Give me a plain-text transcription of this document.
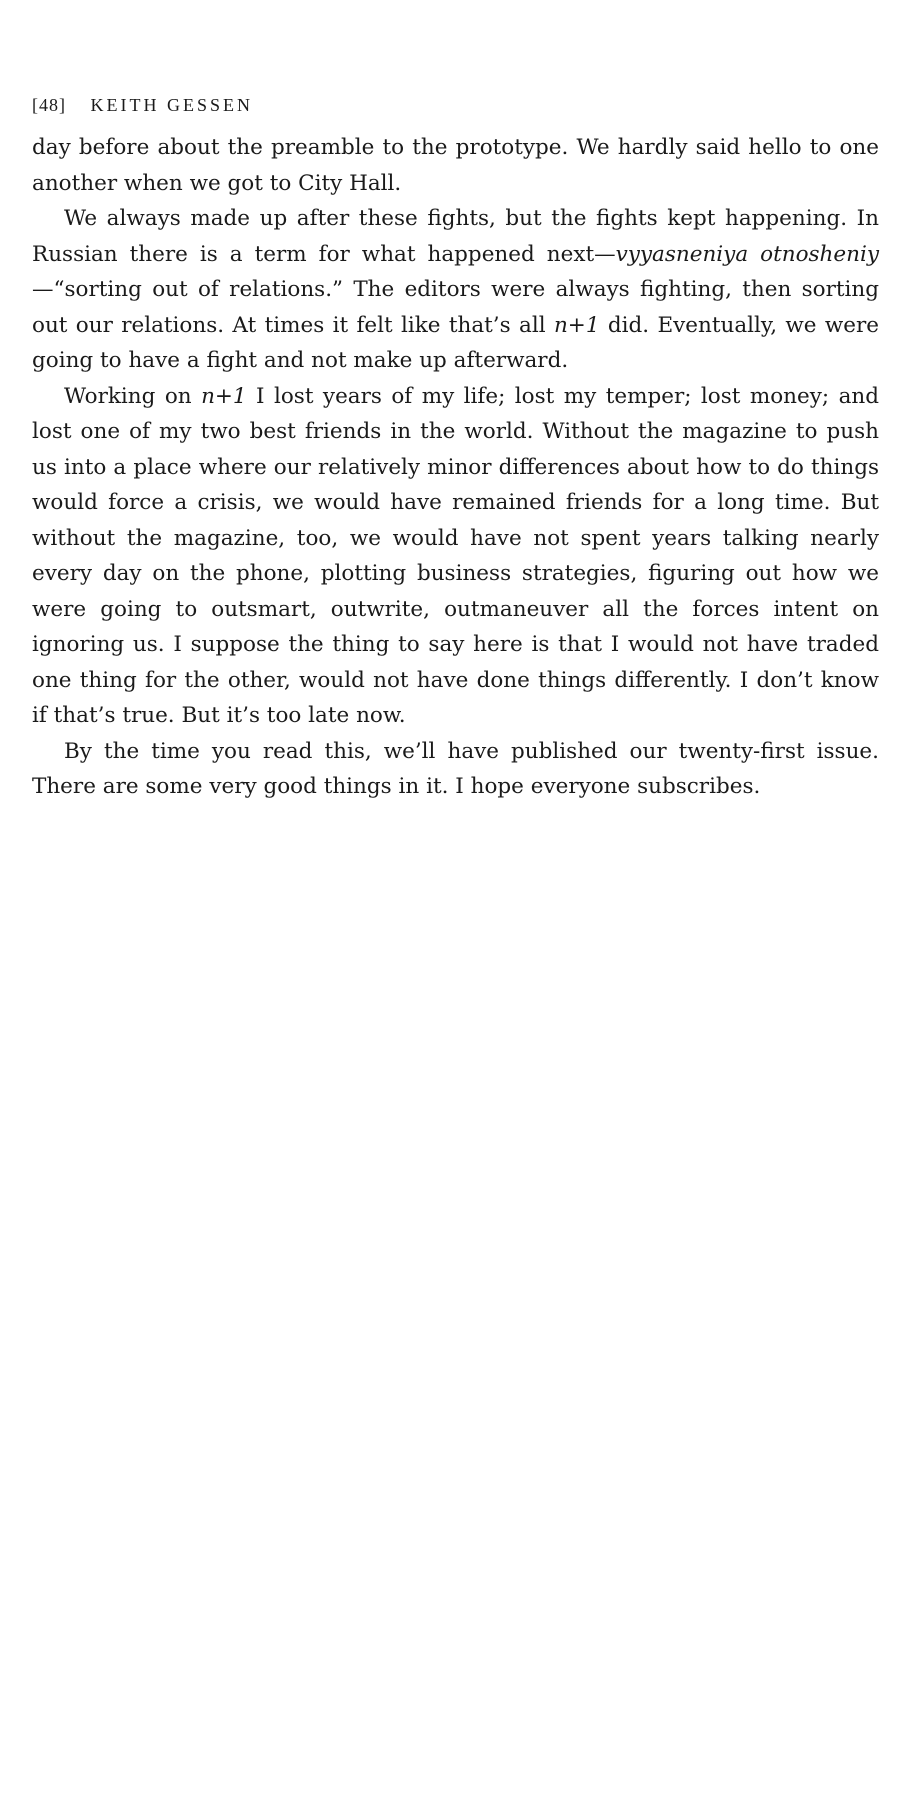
[48] KEITH GESSEN

day before about the preamble to the prototype. We hardly said hello to one another when we got to City Hall.

We always made up after these fights, but the fights kept happening. In Russian there is a term for what happened next—vyyasneniya otnosheniy—“sorting out of relations.” The editors were always fighting, then sorting out our relations. At times it felt like that’s all n+1 did. Eventually, we were going to have a fight and not make up afterward.

Working on n+1 I lost years of my life; lost my temper; lost money; and lost one of my two best friends in the world. Without the magazine to push us into a place where our relatively minor differences about how to do things would force a crisis, we would have remained friends for a long time. But without the magazine, too, we would have not spent years talking nearly every day on the phone, plotting business strategies, figuring out how we were going to outsmart, outwrite, outmaneuver all the forces intent on ignoring us. I suppose the thing to say here is that I would not have traded one thing for the other, would not have done things differently. I don’t know if that’s true. But it’s too late now.

By the time you read this, we’ll have published our twenty-first issue. There are some very good things in it. I hope everyone subscribes.
